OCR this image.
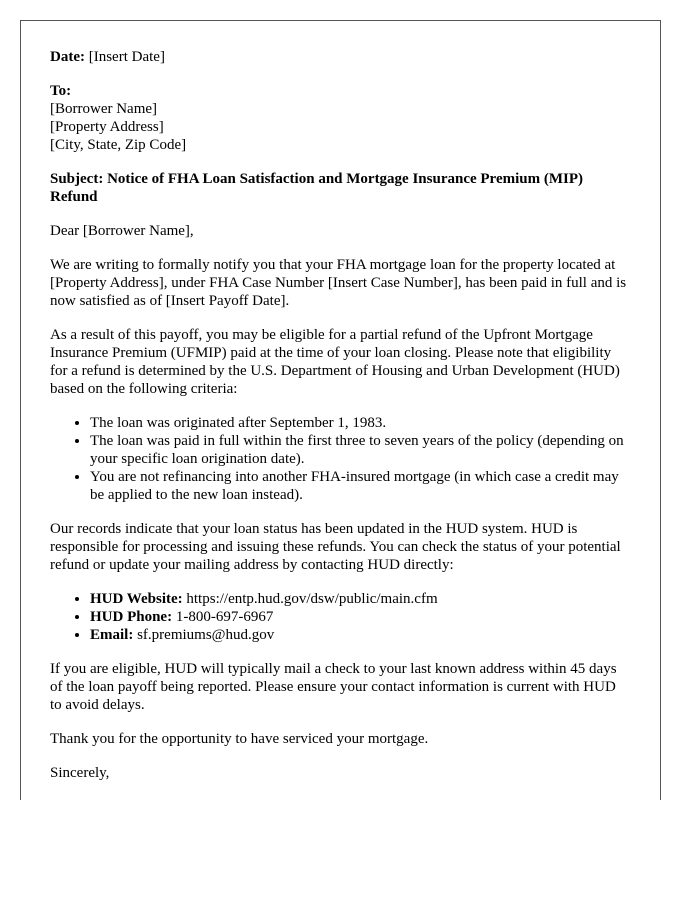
Date: [Insert Date]

To:
[Borrower Name]
[Property Address]
[City, State, Zip Code]

Subject: Notice of FHA Loan Satisfaction and Mortgage Insurance Premium (MIP) Refund

Dear [Borrower Name],

We are writing to formally notify you that your FHA mortgage loan for the property located at [Property Address], under FHA Case Number [Insert Case Number], has been paid in full and is now satisfied as of [Insert Payoff Date].

As a result of this payoff, you may be eligible for a partial refund of the Upfront Mortgage Insurance Premium (UFMIP) paid at the time of your loan closing. Please note that eligibility for a refund is determined by the U.S. Department of Housing and Urban Development (HUD) based on the following criteria:

• The loan was originated after September 1, 1983.
• The loan was paid in full within the first three to seven years of the policy (depending on your specific loan origination date).
• You are not refinancing into another FHA-insured mortgage (in which case a credit may be applied to the new loan instead).

Our records indicate that your loan status has been updated in the HUD system. HUD is responsible for processing and issuing these refunds. You can check the status of your potential refund or update your mailing address by contacting HUD directly:

• HUD Website: https://entp.hud.gov/dsw/public/main.cfm
• HUD Phone: 1-800-697-6967
• Email: sf.premiums@hud.gov

If you are eligible, HUD will typically mail a check to your last known address within 45 days of the loan payoff being reported. Please ensure your contact information is current with HUD to avoid delays.

Thank you for the opportunity to have serviced your mortgage.

Sincerely,
